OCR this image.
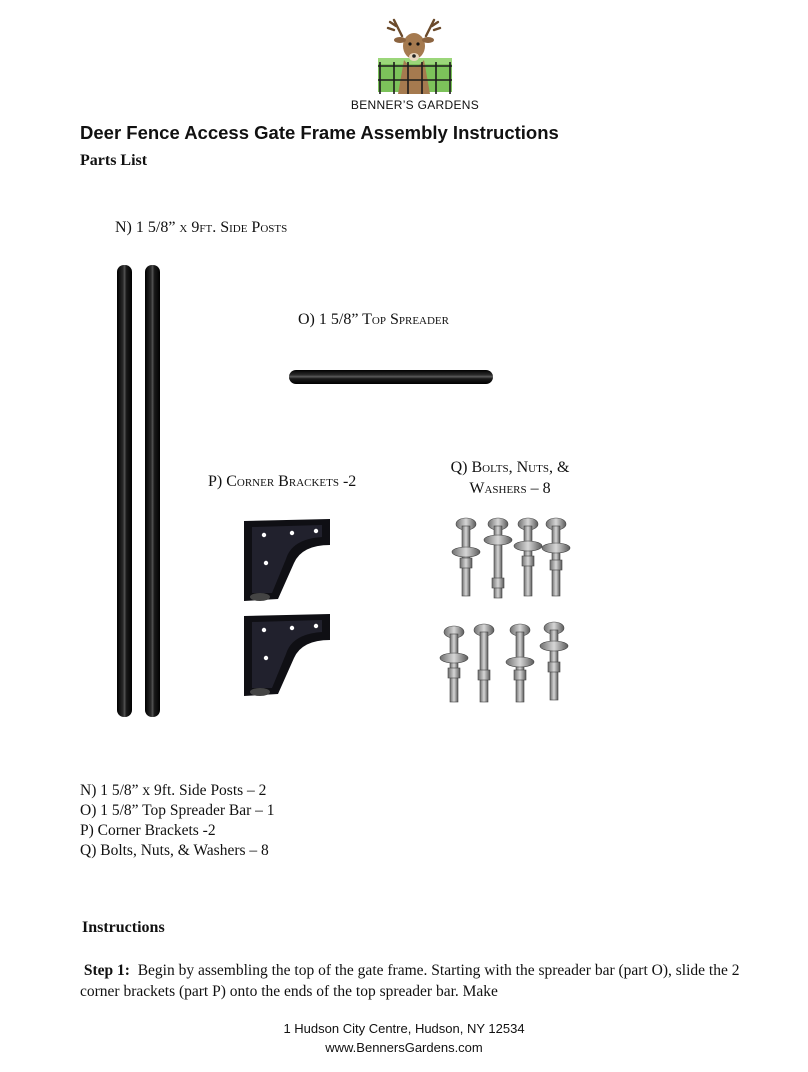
BENNER’S GARDENS
Deer Fence Access Gate Frame Assembly Instructions
Parts List
N) 1 5/8” x 9ft. Side Posts
O) 1 5/8” Top Spreader
P) Corner Brackets -2
Q) Bolts, Nuts, &
Washers – 8
N) 1 5/8” x 9ft. Side Posts – 2
O) 1 5/8” Top Spreader Bar – 1
P) Corner Brackets -2
Q) Bolts, Nuts, & Washers – 8
Instructions
Step 1: Begin by assembling the top of the gate frame. Starting with the spreader bar (part O), slide the 2 corner brackets (part P) onto the ends of the top spreader bar. Make
1 Hudson City Centre, Hudson, NY 12534
www.BennersGardens.com
